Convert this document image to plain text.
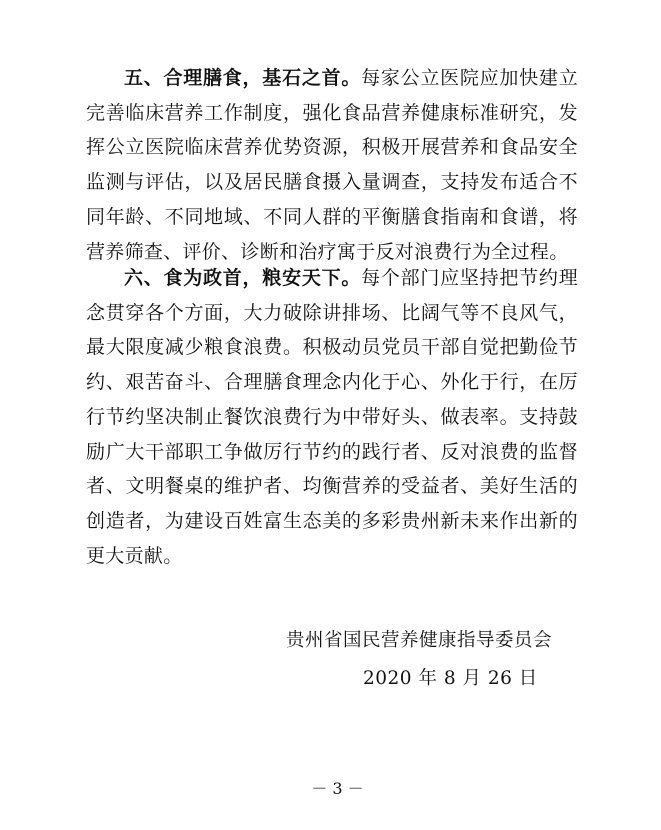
五、合理膳食，基石之首。每家公立医院应加快建立完善临床营养工作制度，强化食品营养健康标准研究，发挥公立医院临床营养优势资源，积极开展营养和食品安全监测与评估，以及居民膳食摄入量调查，支持发布适合不同年龄、不同地域、不同人群的平衡膳食指南和食谱，将营养筛查、评价、诊断和治疗寓于反对浪费行为全过程。

六、食为政首，粮安天下。每个部门应坚持把节约理念贯穿各个方面，大力破除讲排场、比阔气等不良风气，最大限度减少粮食浪费。积极动员党员干部自觉把勤俭节约、艰苦奋斗、合理膳食理念内化于心、外化于行，在厉行节约坚决制止餐饮浪费行为中带好头、做表率。支持鼓励广大干部职工争做厉行节约的践行者、反对浪费的监督者、文明餐桌的维护者、均衡营养的受益者、美好生活的创造者，为建设百姓富生态美的多彩贵州新未来作出新的更大贡献。

贵州省国民营养健康指导委员会
2020 年 8 月 26 日
－ 3 －
